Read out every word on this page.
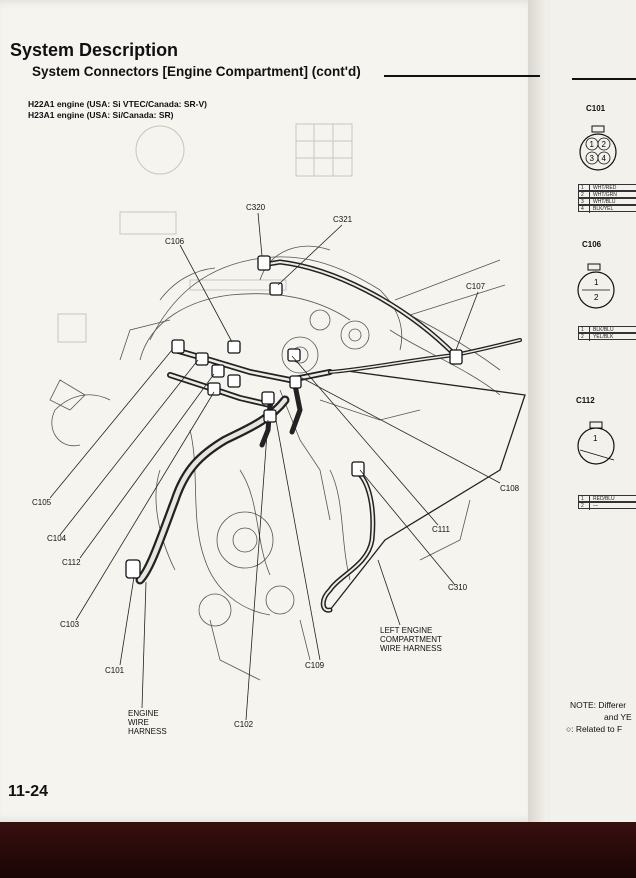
System Description
System Connectors [Engine Compartment] (cont'd)
H22A1 engine (USA: Si VTEC/Canada: SR-V)
H23A1 engine (USA: Si/Canada: SR)
C320
C321
C106
C107
C105
C104
C112
C103
C101
C108
C111
C310
C109
C102
LEFT ENGINE
COMPARTMENT
WIRE HARNESS
ENGINE
WIRE
HARNESS
11-24
C101
1 2
3 4
1 WHT/RED
2 WHT/GRN
3 WHT/BLU
4 BLK/YEL
C106
1
2
1 BLK/BLU
2 YEL/BLK
C112
1
1 RED/BLU
2 —
NOTE: Differer
and YE
○: Related to F
